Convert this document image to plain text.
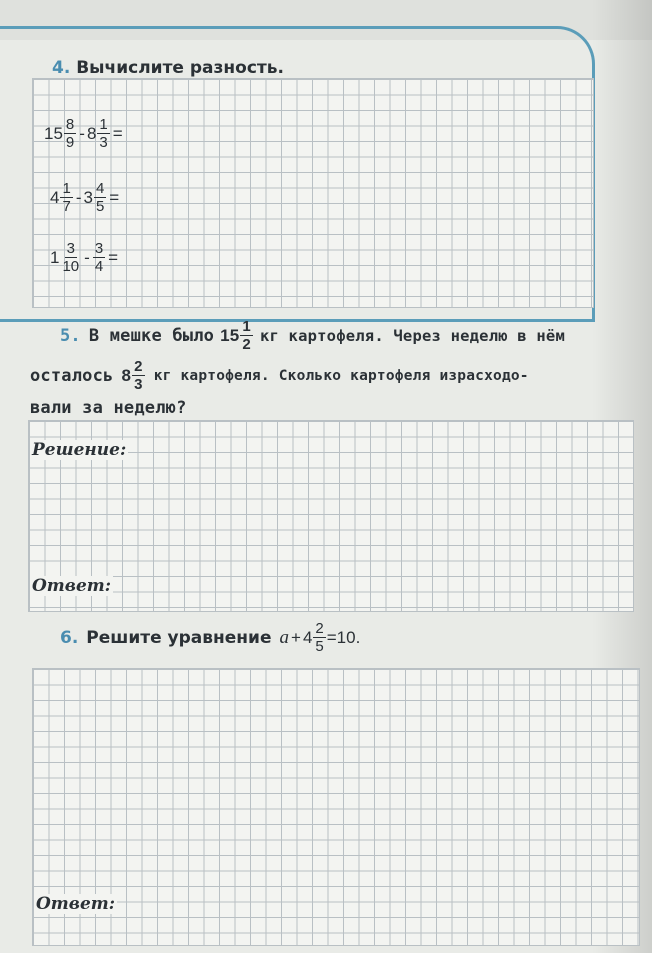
4. Вычислите разность.
$15 \frac{8}{9} - 8 \frac{1}{3}$ =
$4 \frac{1}{7} - 3 \frac{4}{5}$ =
$1 \frac{3}{10} - \frac{3}{4}$ =
5. В мешке было $15 \frac{1}{2}$ кг картофеля. Через неделю в нём
осталось $8 \frac{2}{3}$ кг картофеля. Сколько картофеля израсходо-
вали за неделю?
Решение:
Ответ:
6. Решите уравнение $a + 4 \frac{2}{5} =10$.
Ответ:
